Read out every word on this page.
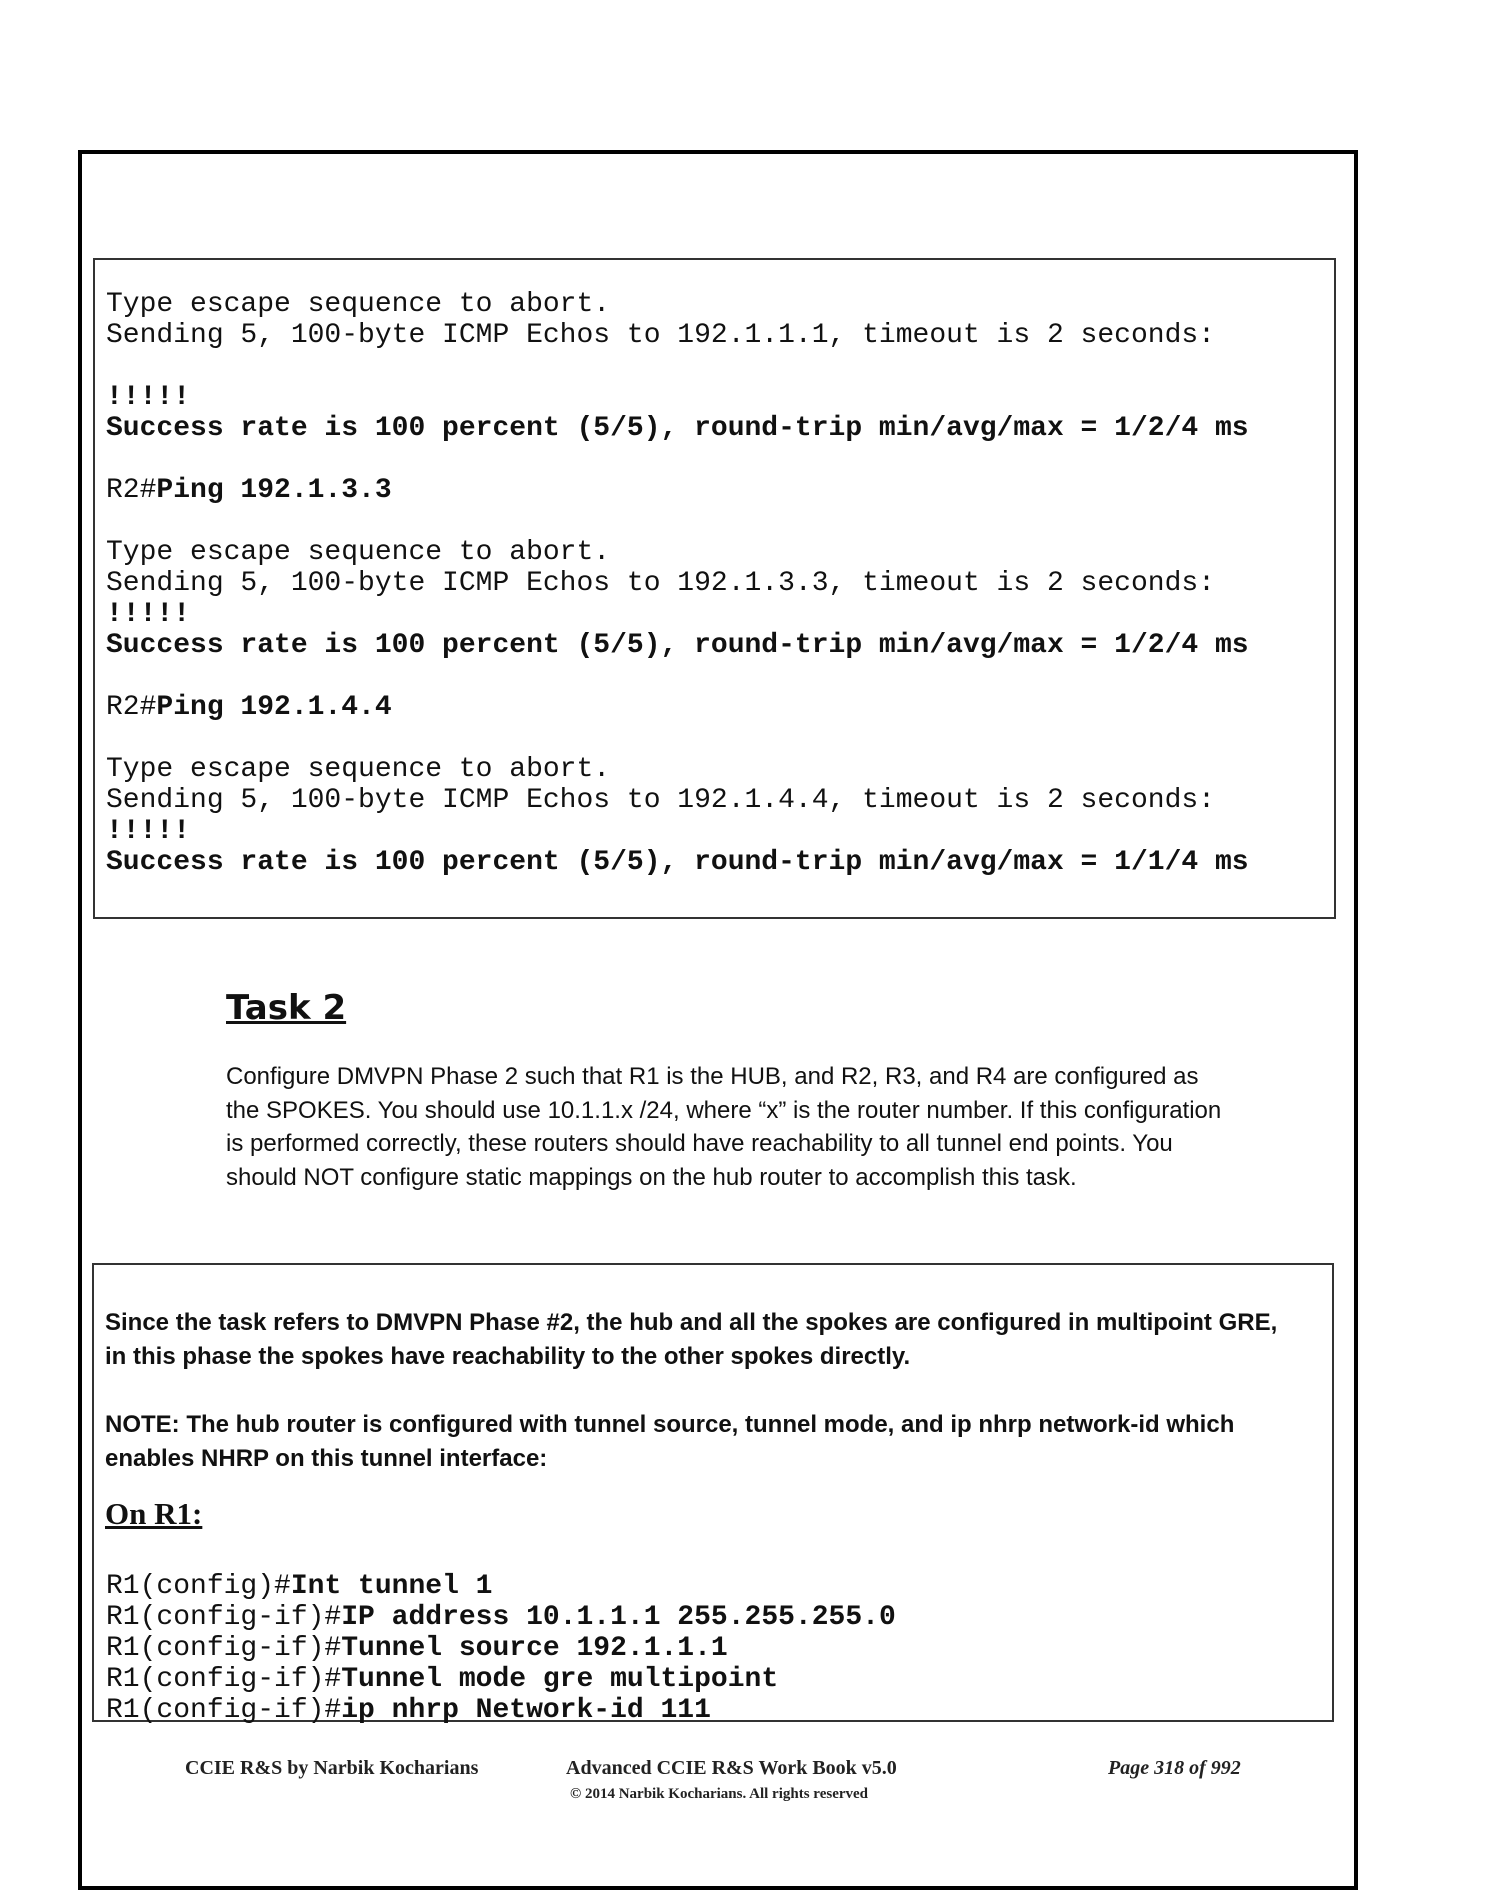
Type escape sequence to abort.
Sending 5, 100-byte ICMP Echos to 192.1.1.1, timeout is 2 seconds:
!!!!!
Success rate is 100 percent (5/5), round-trip min/avg/max = 1/2/4 ms
R2#Ping 192.1.3.3
Type escape sequence to abort.
Sending 5, 100-byte ICMP Echos to 192.1.3.3, timeout is 2 seconds:
!!!!!
Success rate is 100 percent (5/5), round-trip min/avg/max = 1/2/4 ms
R2#Ping 192.1.4.4
Type escape sequence to abort.
Sending 5, 100-byte ICMP Echos to 192.1.4.4, timeout is 2 seconds:
!!!!!
Success rate is 100 percent (5/5), round-trip min/avg/max = 1/1/4 ms
Task 2

Configure DMVPN Phase 2 such that R1 is the HUB, and R2, R3, and R4 are configured as the SPOKES. You should use 10.1.1.x /24, where “x” is the router number. If this configuration is performed correctly, these routers should have reachability to all tunnel end points. You should NOT configure static mappings on the hub router to accomplish this task.

Since the task refers to DMVPN Phase #2, the hub and all the spokes are configured in multipoint GRE, in this phase the spokes have reachability to the other spokes directly.

NOTE: The hub router is configured with tunnel source, tunnel mode, and ip nhrp network-id which enables NHRP on this tunnel interface:

On R1:
R1(config)#Int tunnel 1
R1(config-if)#IP address 10.1.1.1 255.255.255.0
R1(config-if)#Tunnel source 192.1.1.1
R1(config-if)#Tunnel mode gre multipoint
R1(config-if)#ip nhrp Network-id 111
CCIE R&S by Narbik Kocharians	Advanced CCIE R&S Work Book v5.0
© 2014 Narbik Kocharians. All rights reserved
Page 318 of 992
